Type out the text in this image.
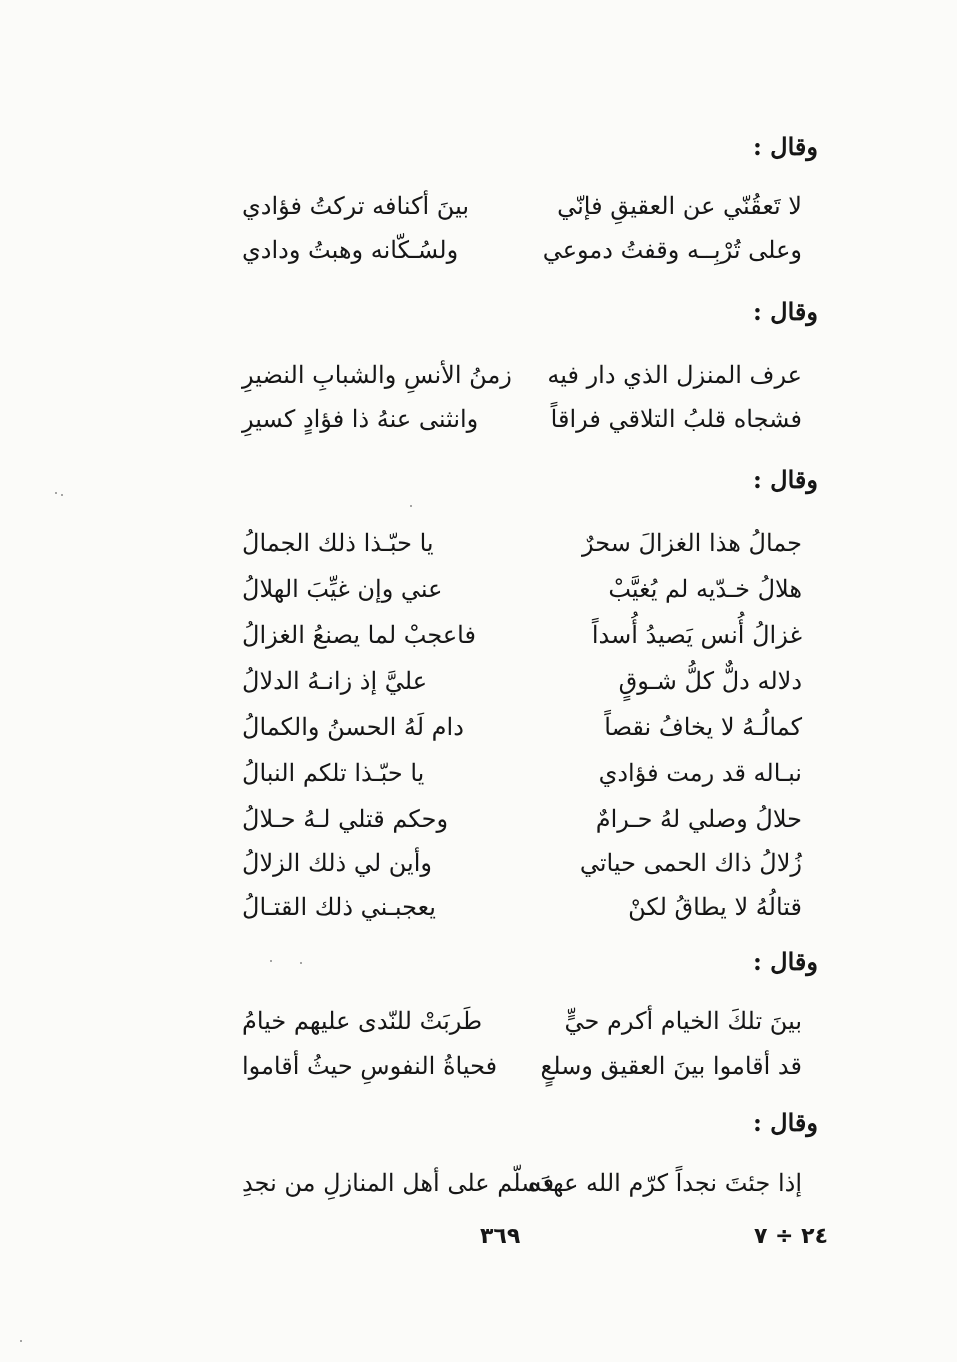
وقال :
لا تَعقُنّي عن العقيقِ فإنّي
بينَ أكنافه تركتُ فؤادي
وعلى تُرْبِــه وقفتُ دموعي
ولسُـكّانه وهبتُ ودادي
وقال :
عرف المنزل الذي دار فيه
زمنُ الأنسِ والشبابِ النضيرِ
فشجاه قلبُ التلاقي فراقاً
وانثنى عنهُ ذا فؤادٍ كسيرِ
وقال :
جمالُ هذا الغزالَ سحرٌ
يا حبّـذا ذلك الجمالُ
هلالُ خـدّيه لم يُغيَّبْ
عني وإن غيِّبَ الهلالُ
غزالُ أُنس يَصيدُ أُسداً
فاعجبْ لما يصنعُ الغزالُ
دلاله دلٌّ كلُّ شـوقٍ
عليَّ إذ زانـهُ الدلالُ
كمالُـهُ لا يخافُ نقصاً
دام لَهُ الحسنُ والكمالُ
نبـاله قد رمت فؤادي
يا حبّـذا تلكم النبالُ
حلالُ وصلي لهُ حـرامٌ
وحكم قتلي لـهُ حـلالُ
زُلالُ ذاك الحمى حياتي
وأين لي ذلك الزلالُ
قتالُهُ لا يطاقُ لكنْ
يعجبـني ذلك القتـالُ
وقال :
بينَ تلكَ الخيام أكرم حيٍّ
طَربَتْ للنّدى عليهم خيامُ
قد أقاموا بينَ العقيق وسلعٍ
فحياةُ النفوسِ حيثُ أقاموا
وقال :
إذا جئتَ نجداً كرّم الله عهدَه
فسلّم على أهل المنازلِ من نجدِ
٢٤ ÷ ٧
٣٦٩
